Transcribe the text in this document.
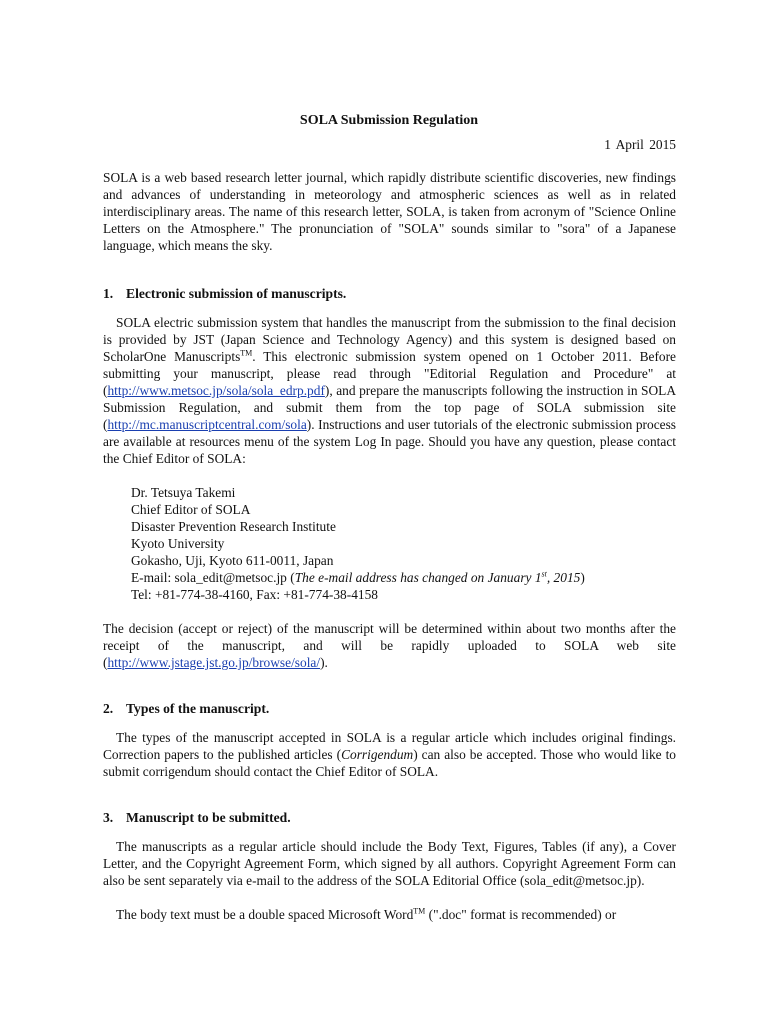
SOLA Submission Regulation
1 April 2015
SOLA is a web based research letter journal, which rapidly distribute scientific discoveries, new findings and advances of understanding in meteorology and atmospheric sciences as well as in related interdisciplinary areas. The name of this research letter, SOLA, is taken from acronym of "Science Online Letters on the Atmosphere." The pronunciation of "SOLA" sounds similar to "sora" of a Japanese language, which means the sky.
1. Electronic submission of manuscripts.
SOLA electric submission system that handles the manuscript from the submission to the final decision is provided by JST (Japan Science and Technology Agency) and this system is designed based on ScholarOne Manuscripts™. This electronic submission system opened on 1 October 2011. Before submitting your manuscript, please read through "Editorial Regulation and Procedure" at (http://www.metsoc.jp/sola/sola_edrp.pdf), and prepare the manuscripts following the instruction in SOLA Submission Regulation, and submit them from the top page of SOLA submission site (http://mc.manuscriptcentral.com/sola). Instructions and user tutorials of the electronic submission process are available at resources menu of the system Log In page. Should you have any question, please contact the Chief Editor of SOLA:
Dr. Tetsuya Takemi
Chief Editor of SOLA
Disaster Prevention Research Institute
Kyoto University
Gokasho, Uji, Kyoto 611-0011, Japan
E-mail: sola_edit@metsoc.jp (The e-mail address has changed on January 1st, 2015)
Tel: +81-774-38-4160, Fax: +81-774-38-4158
The decision (accept or reject) of the manuscript will be determined within about two months after the receipt of the manuscript, and will be rapidly uploaded to SOLA web site (http://www.jstage.jst.go.jp/browse/sola/).
2. Types of the manuscript.
The types of the manuscript accepted in SOLA is a regular article which includes original findings. Correction papers to the published articles (Corrigendum) can also be accepted. Those who would like to submit corrigendum should contact the Chief Editor of SOLA.
3. Manuscript to be submitted.
The manuscripts as a regular article should include the Body Text, Figures, Tables (if any), a Cover Letter, and the Copyright Agreement Form, which signed by all authors. Copyright Agreement Form can also be sent separately via e-mail to the address of the SOLA Editorial Office (sola_edit@metsoc.jp).
The body text must be a double spaced Microsoft Word™ (".doc" format is recommended) or
